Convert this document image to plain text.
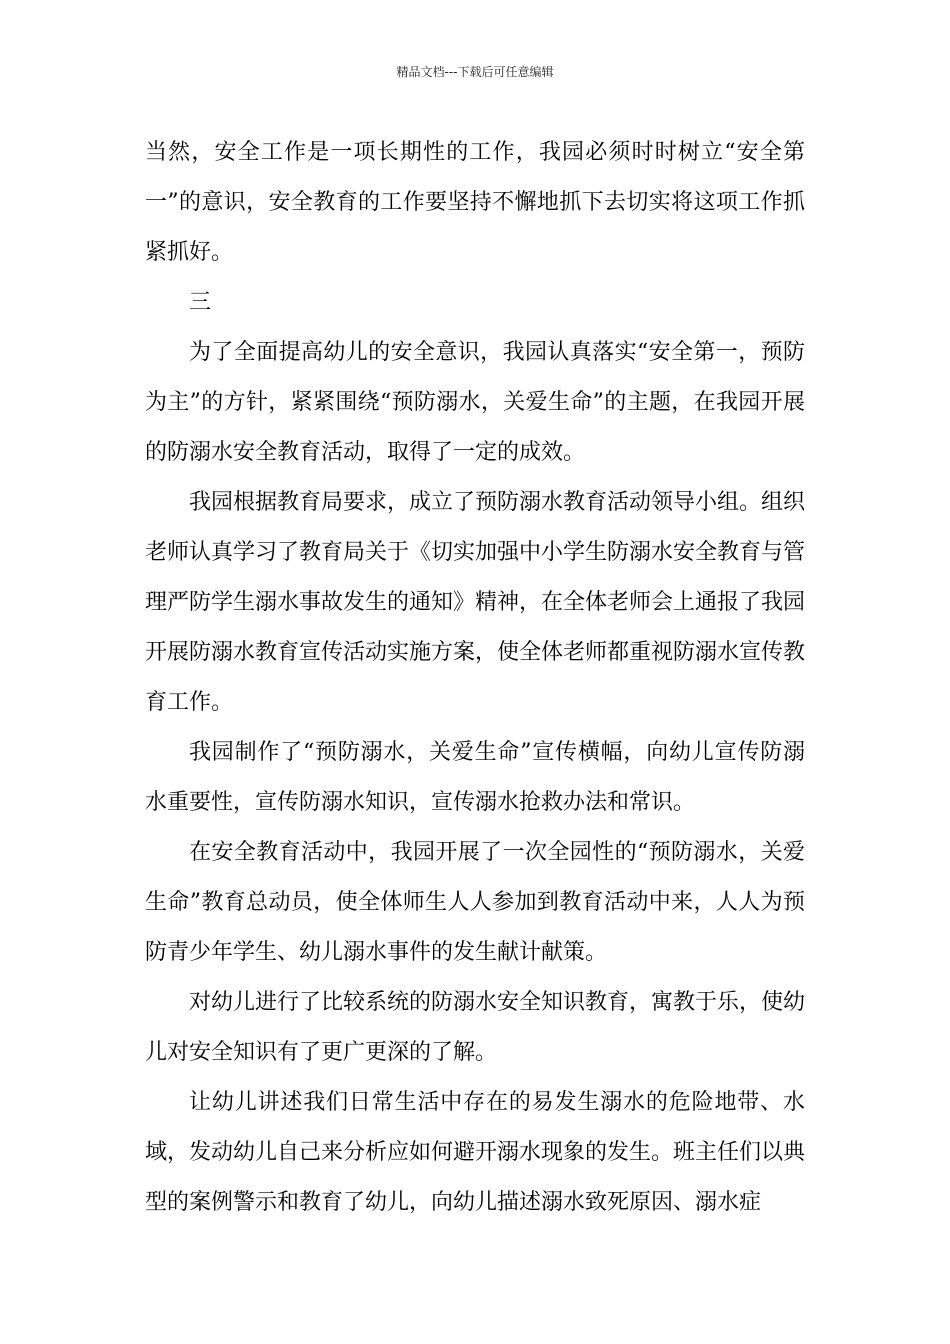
精品文档---下载后可任意编辑

当然，安全工作是一项长期性的工作，我园必须时时树立“安全第一”的意识，安全教育的工作要坚持不懈地抓下去切实将这项工作抓紧抓好。

三

为了全面提高幼儿的安全意识，我园认真落实“安全第一，预防为主”的方针，紧紧围绕“预防溺水，关爱生命”的主题，在我园开展的防溺水安全教育活动，取得了一定的成效。

我园根据教育局要求，成立了预防溺水教育活动领导小组。组织老师认真学习了教育局关于《切实加强中小学生防溺水安全教育与管理严防学生溺水事故发生的通知》精神，在全体老师会上通报了我园开展防溺水教育宣传活动实施方案，使全体老师都重视防溺水宣传教育工作。

我园制作了“预防溺水，关爱生命”宣传横幅，向幼儿宣传防溺水重要性，宣传防溺水知识，宣传溺水抢救办法和常识。

在安全教育活动中，我园开展了一次全园性的“预防溺水，关爱生命”教育总动员，使全体师生人人参加到教育活动中来，人人为预防青少年学生、幼儿溺水事件的发生献计献策。

对幼儿进行了比较系统的防溺水安全知识教育，寓教于乐，使幼儿对安全知识有了更广更深的了解。

让幼儿讲述我们日常生活中存在的易发生溺水的危险地带、水域，发动幼儿自己来分析应如何避开溺水现象的发生。班主任们以典型的案例警示和教育了幼儿，向幼儿描述溺水致死原因、溺水症
